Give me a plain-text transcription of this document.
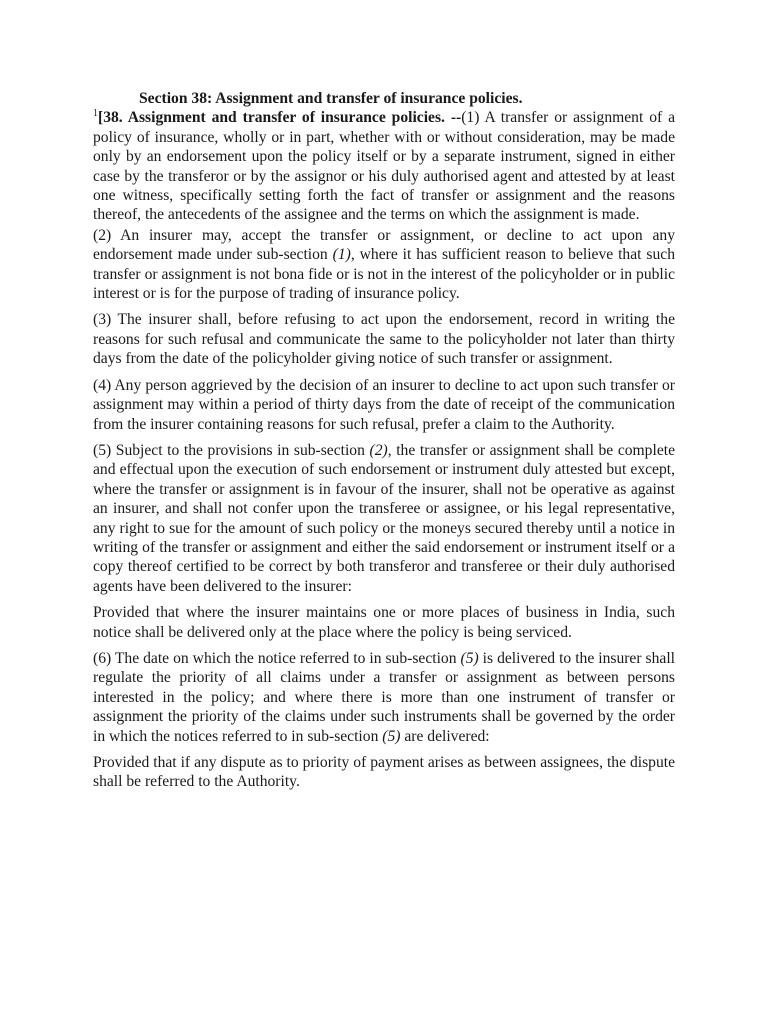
Section 38: Assignment and transfer of insurance policies.

$^1$[38. Assignment and transfer of insurance policies. --(1) A transfer or assignment of a policy of insurance, wholly or in part, whether with or without consideration, may be made only by an endorsement upon the policy itself or by a separate instrument, signed in either case by the transferor or by the assignor or his duly authorised agent and attested by at least one witness, specifically setting forth the fact of transfer or assignment and the reasons thereof, the antecedents of the assignee and the terms on which the assignment is made.

(2) An insurer may, accept the transfer or assignment, or decline to act upon any endorsement made under sub-section (1), where it has sufficient reason to believe that such transfer or assignment is not bona fide or is not in the interest of the policyholder or in public interest or is for the purpose of trading of insurance policy.

(3) The insurer shall, before refusing to act upon the endorsement, record in writing the reasons for such refusal and communicate the same to the policyholder not later than thirty days from the date of the policyholder giving notice of such transfer or assignment.

(4) Any person aggrieved by the decision of an insurer to decline to act upon such transfer or assignment may within a period of thirty days from the date of receipt of the communication from the insurer containing reasons for such refusal, prefer a claim to the Authority.

(5) Subject to the provisions in sub-section (2), the transfer or assignment shall be complete and effectual upon the execution of such endorsement or instrument duly attested but except, where the transfer or assignment is in favour of the insurer, shall not be operative as against an insurer, and shall not confer upon the transferee or assignee, or his legal representative, any right to sue for the amount of such policy or the moneys secured thereby until a notice in writing of the transfer or assignment and either the said endorsement or instrument itself or a copy thereof certified to be correct by both transferor and transferee or their duly authorised agents have been delivered to the insurer:

Provided that where the insurer maintains one or more places of business in India, such notice shall be delivered only at the place where the policy is being serviced.

(6) The date on which the notice referred to in sub-section (5) is delivered to the insurer shall regulate the priority of all claims under a transfer or assignment as between persons interested in the policy; and where there is more than one instrument of transfer or assignment the priority of the claims under such instruments shall be governed by the order in which the notices referred to in sub-section (5) are delivered:

Provided that if any dispute as to priority of payment arises as between assignees, the dispute shall be referred to the Authority.
